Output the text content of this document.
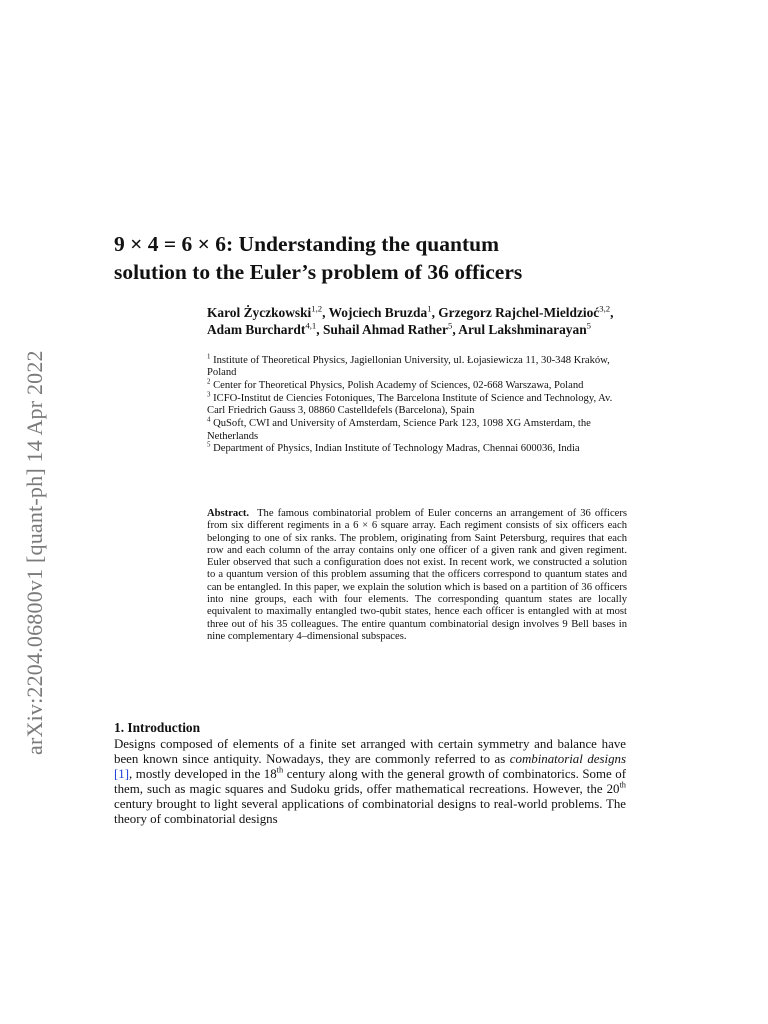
arXiv:2204.06800v1 [quant-ph] 14 Apr 2022
9 × 4 = 6 × 6: Understanding the quantum
solution to the Euler’s problem of 36 officers

Karol Życzkowski$^{1,2}$, Wojciech Bruzda$^1$, Grzegorz Rajchel-Mieldzioć$^{3,2}$, Adam Burchardt$^{4,1}$, Suhail Ahmad Rather$^5$, Arul Lakshminarayan$^5$

$^1$ Institute of Theoretical Physics, Jagiellonian University, ul. Łojasiewicza 11, 30-348 Kraków, Poland

$^2$ Center for Theoretical Physics, Polish Academy of Sciences, 02-668 Warszawa, Poland

$^3$ ICFO-Institut de Ciencies Fotoniques, The Barcelona Institute of Science and Technology, Av. Carl Friedrich Gauss 3, 08860 Castelldefels (Barcelona), Spain

$^4$ QuSoft, CWI and University of Amsterdam, Science Park 123, 1098 XG Amsterdam, the Netherlands

$^5$ Department of Physics, Indian Institute of Technology Madras, Chennai 600036, India

Abstract. The famous combinatorial problem of Euler concerns an arrangement of 36 officers from six different regiments in a 6 × 6 square array. Each regiment consists of six officers each belonging to one of six ranks. The problem, originating from Saint Petersburg, requires that each row and each column of the array contains only one officer of a given rank and given regiment. Euler observed that such a configuration does not exist. In recent work, we constructed a solution to a quantum version of this problem assuming that the officers correspond to quantum states and can be entangled. In this paper, we explain the solution which is based on a partition of 36 officers into nine groups, each with four elements. The corresponding quantum states are locally equivalent to maximally entangled two-qubit states, hence each officer is entangled with at most three out of his 35 colleagues. The entire quantum combinatorial design involves 9 Bell bases in nine complementary 4–dimensional subspaces.

1. Introduction

Designs composed of elements of a finite set arranged with certain symmetry and balance have been known since antiquity. Nowadays, they are commonly referred to as combinatorial designs [1], mostly developed in the 18th century along with the general growth of combinatorics. Some of them, such as magic squares and Sudoku grids, offer mathematical recreations. However, the 20th century brought to light several applications of combinatorial designs to real-world problems. The theory of combinatorial designs
